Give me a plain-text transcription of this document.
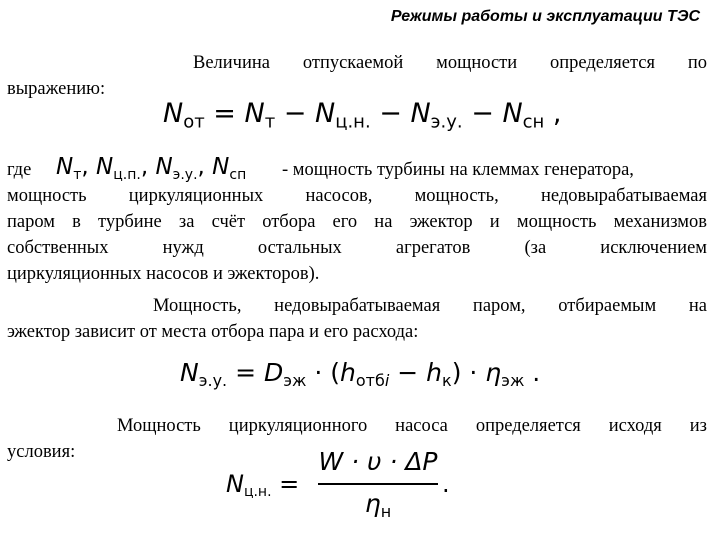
Режимы работы и эксплуатации ТЭС
Величина отпускаемой мощности определяется по
выражению:
$N_{от} = N_т - N_{ц.н.} - N_{э.у.} - N_{сн}$ ,
где	- мощность турбины на клеммах генератора,
$N_т$, $N_{ц.п.}$, $N_{э.у.}$, $N_{сп}$
мощность циркуляционных насосов, мощность, недовырабатываемая
паром в турбине за счёт отбора его на эжектор и мощность механизмов
собственных нужд остальных агрегатов (за исключением
циркуляционных насосов и эжекторов).
Мощность, недовырабатываемая паром, отбираемым на
эжектор зависит от места отбора пара и его расхода:
$N_{э.у.} = D_{эж} \cdot (h_{отбi} - h_к) \cdot \eta_{эж}$ .
Мощность циркуляционного насоса определяется исходя из
условия:
$N_{ц.н.}$ =
W · υ · ΔP
$\eta_н$
.
